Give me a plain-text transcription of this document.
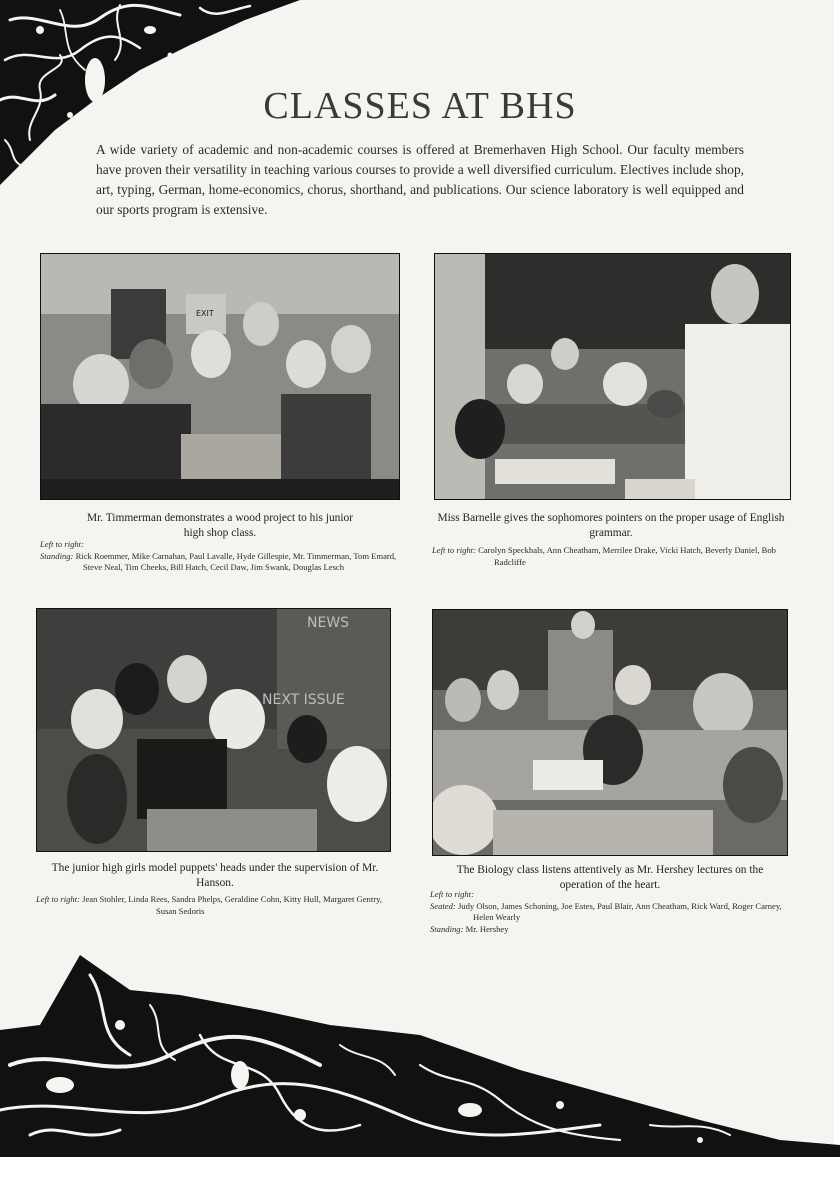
CLASSES AT BHS

A wide variety of academic and non-academic courses is offered at Bremerhaven High School. Our faculty members have proven their versatility in teaching various courses to provide a well diversified curriculum. Electives include shop, art, typing, German, home-economics, chorus, shorthand, and publications. Our science laboratory is well equipped and our sports program is extensive.

EXIT
NEWS
NEXT ISSUE

Mr. Timmerman demonstrates a wood project to his junior high shop class.

Left to right:
Standing: Rick Roemmer, Mike Carnahan, Paul Lavalle, Hyde Gillespie, Mr. Timmerman, Tom Emard, Steve Neal, Tim Cheeks, Bill Hatch, Cecil Daw, Jim Swank, Douglas Lesch

Miss Barnelle gives the sophomores pointers on the proper usage of English grammar.

Left to right: Carolyn Speckhals, Ann Cheatham, Merrilee Drake, Vicki Hatch, Beverly Daniel, Bob Radcliffe

The junior high girls model puppets' heads under the supervision of Mr. Hanson.

Left to right: Jean Stohler, Linda Rees, Sandra Phelps, Geraldine Cohn, Kitty Hull, Margaret Gentry, Susan Sedoris

The Biology class listens attentively as Mr. Hershey lectures on the operation of the heart.

Left to right:
Seated: Judy Olson, James Schoning, Joe Estes, Paul Blair, Ann Cheatham, Rick Ward, Roger Carney, Helen Wearly
Standing: Mr. Hershey
